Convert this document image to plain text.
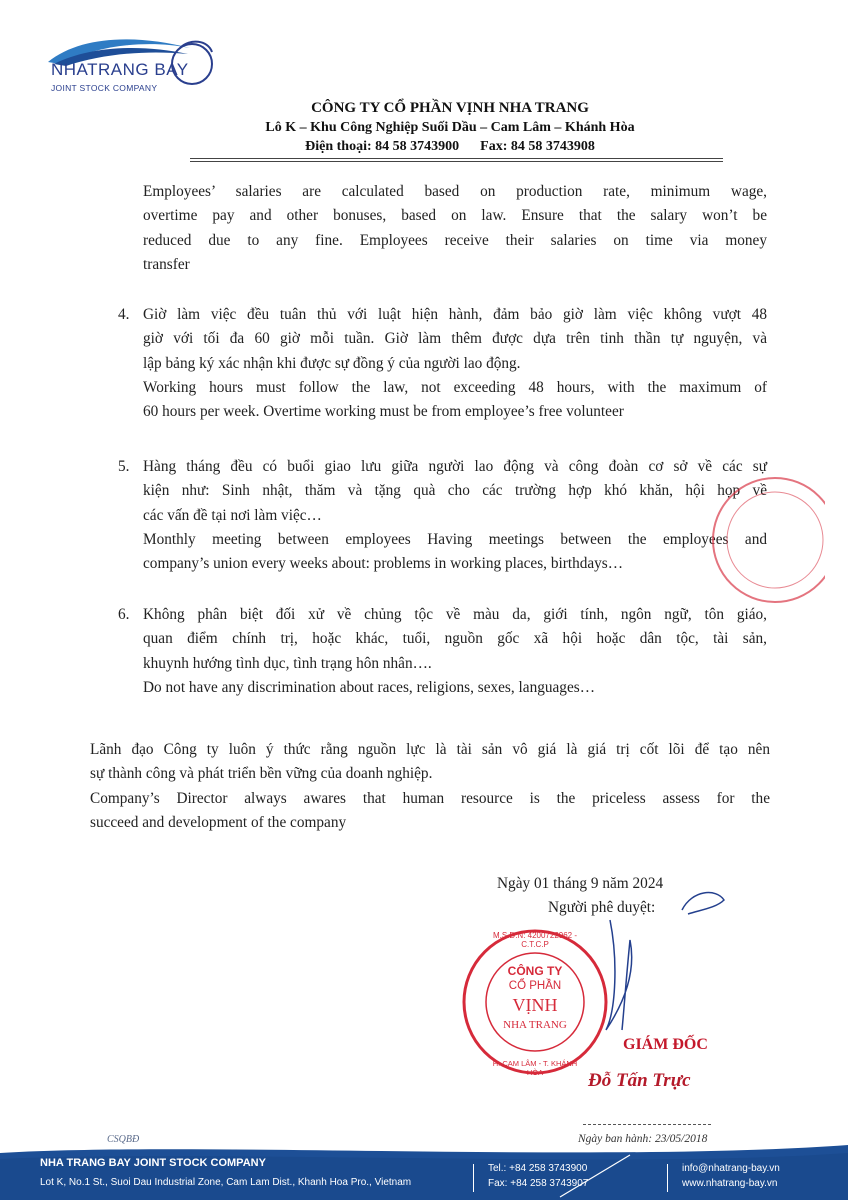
NHATRANG BAY
JOINT STOCK COMPANY
CÔNG TY CỔ PHẦN VỊNH NHA TRANG
Lô K – Khu Công Nghiệp Suối Dầu – Cam Lâm – Khánh Hòa
Điện thoại: 84 58 3743900      Fax: 84 58 3743908
Employees’ salaries are calculated based on production rate, minimum wage,
overtime pay and other bonuses, based on law. Ensure that the salary won’t be
reduced due to any fine. Employees receive their salaries on time via money
transfer
4. Giờ làm việc đều tuân thủ với luật hiện hành, đảm bảo giờ làm việc không vượt 48
giờ với tối đa 60 giờ mỗi tuần. Giờ làm thêm được dựa trên tinh thần tự nguyện, và
lập bảng ký xác nhận khi được sự đồng ý của người lao động.
Working hours must follow the law, not exceeding 48 hours, with the maximum of
60 hours per week. Overtime working must be from employee’s free volunteer
5. Hàng tháng đều có buổi giao lưu giữa người lao động và công đoàn cơ sở về các sự
kiện như: Sinh nhật, thăm và tặng quà cho các trường hợp khó khăn, hội họp về
các vấn đề tại nơi làm việc…
Monthly meeting between employees Having meetings between the employees and
company’s union every weeks about: problems in working places, birthdays…
6. Không phân biệt đối xử về chủng tộc về màu da, giới tính, ngôn ngữ, tôn giáo,
quan điểm chính trị, hoặc khác, tuổi, nguồn gốc xã hội hoặc dân tộc, tài sản,
khuynh hướng tình dục, tình trạng hôn nhân….
Do not have any discrimination about races, religions, sexes, languages…
Lãnh đạo Công ty luôn ý thức rằng nguồn lực là tài sản vô giá là giá trị cốt lõi để tạo nên
sự thành công và phát triển bền vững của doanh nghiệp.
Company’s Director always awares that human resource is the priceless assess for the
succeed and development of the company
Ngày 01 tháng 9 năm 2024
Người phê duyệt:
M.S.D.N: 4200722962 - C.T.C.P
CÔNG TY
CỔ PHẦN
VỊNH
NHA TRANG
H. CAM LÂM - T. KHÁNH HÒA
GIÁM ĐỐC
Đỗ Tấn Trực
Ngày ban hành: 23/05/2018
CSQBĐ
NHA TRANG BAY JOINT STOCK COMPANY
Lot K, No.1 St., Suoi Dau Industrial Zone, Cam Lam Dist., Khanh Hoa Pro., Vietnam
Tel.: +84 258 3743900
Fax: +84 258 3743907
info@nhatrang-bay.vn
www.nhatrang-bay.vn
